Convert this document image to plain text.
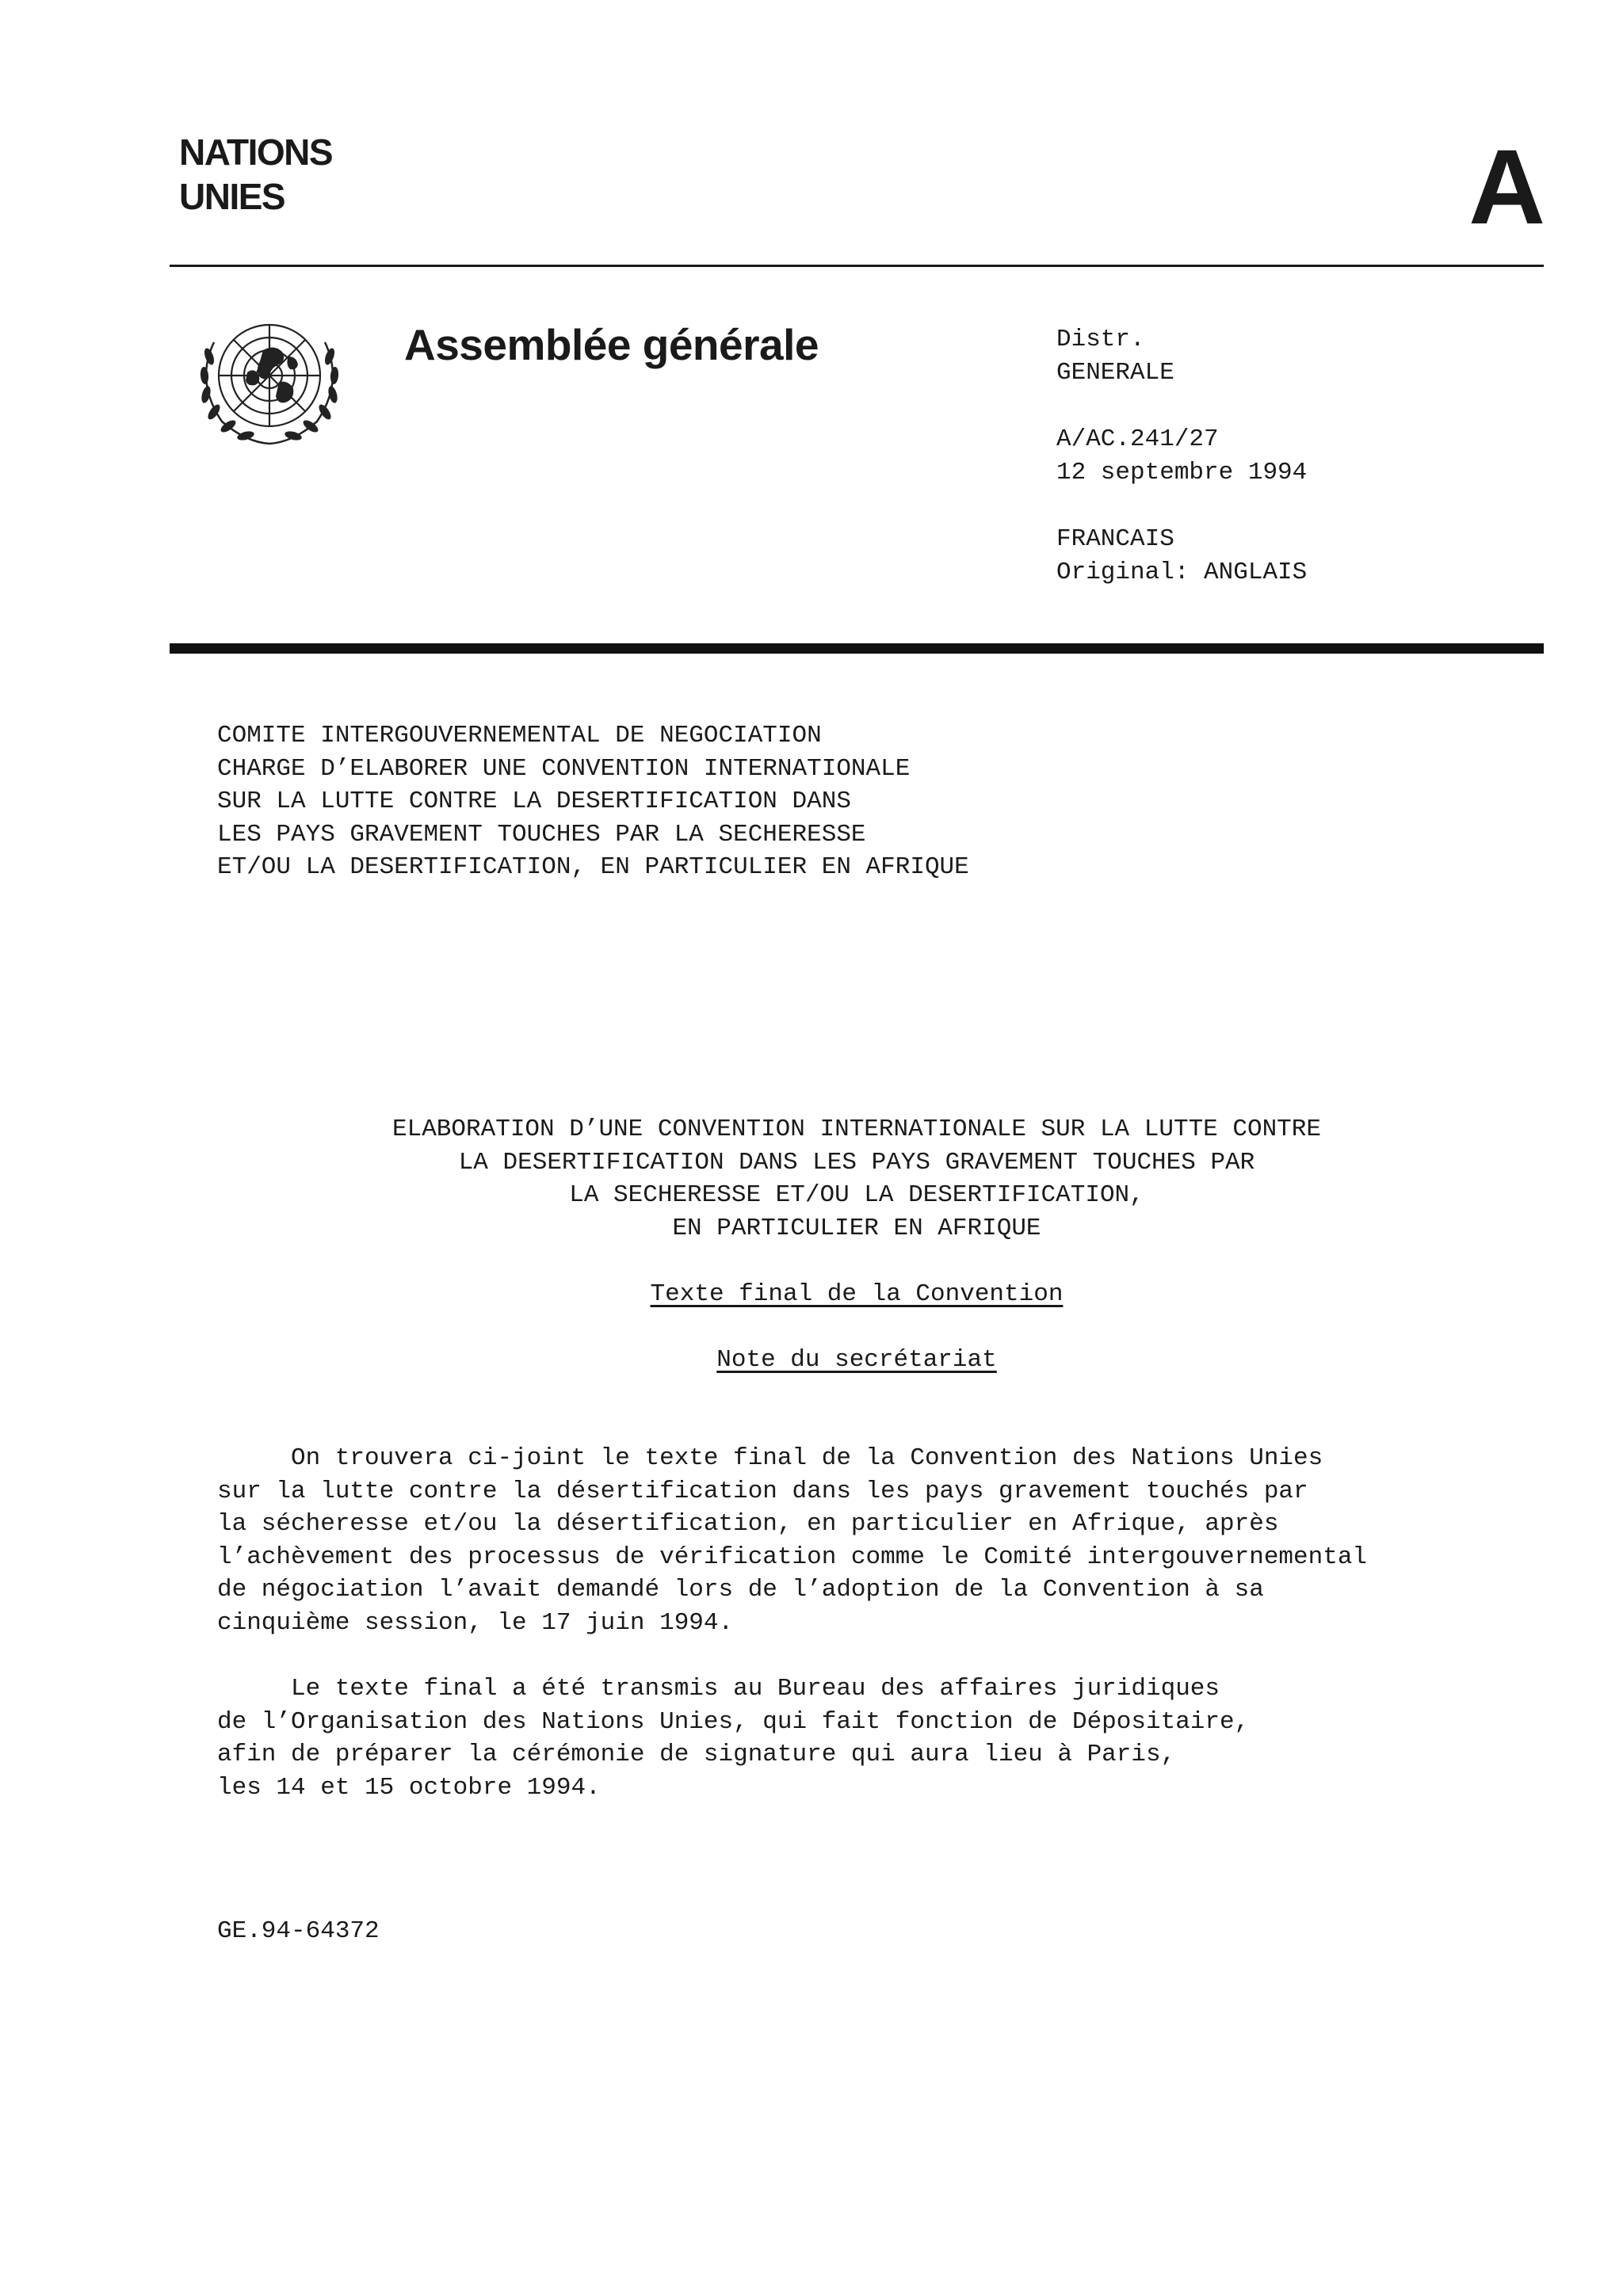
NATIONS
UNIES	A
Assemblée générale	Distr.
GENERALE
A/AC.241/27
12 septembre 1994
FRANCAIS
Original: ANGLAIS
COMITE INTERGOUVERNEMENTAL DE NEGOCIATION
CHARGE D’ELABORER UNE CONVENTION INTERNATIONALE
SUR LA LUTTE CONTRE LA DESERTIFICATION DANS
LES PAYS GRAVEMENT TOUCHES PAR LA SECHERESSE
ET/OU LA DESERTIFICATION, EN PARTICULIER EN AFRIQUE
ELABORATION D’UNE CONVENTION INTERNATIONALE SUR LA LUTTE CONTRE
LA DESERTIFICATION DANS LES PAYS GRAVEMENT TOUCHES PAR
LA SECHERESSE ET/OU LA DESERTIFICATION,
EN PARTICULIER EN AFRIQUE
Texte final de la Convention
Note du secrétariat
On trouvera ci-joint le texte final de la Convention des Nations Unies
sur la lutte contre la désertification dans les pays gravement touchés par
la sécheresse et/ou la désertification, en particulier en Afrique, après
l’achèvement des processus de vérification comme le Comité intergouvernemental
de négociation l’avait demandé lors de l’adoption de la Convention à sa
cinquième session, le 17 juin 1994.
Le texte final a été transmis au Bureau des affaires juridiques
de l’Organisation des Nations Unies, qui fait fonction de Dépositaire,
afin de préparer la cérémonie de signature qui aura lieu à Paris,
les 14 et 15 octobre 1994.
GE.94-64372
